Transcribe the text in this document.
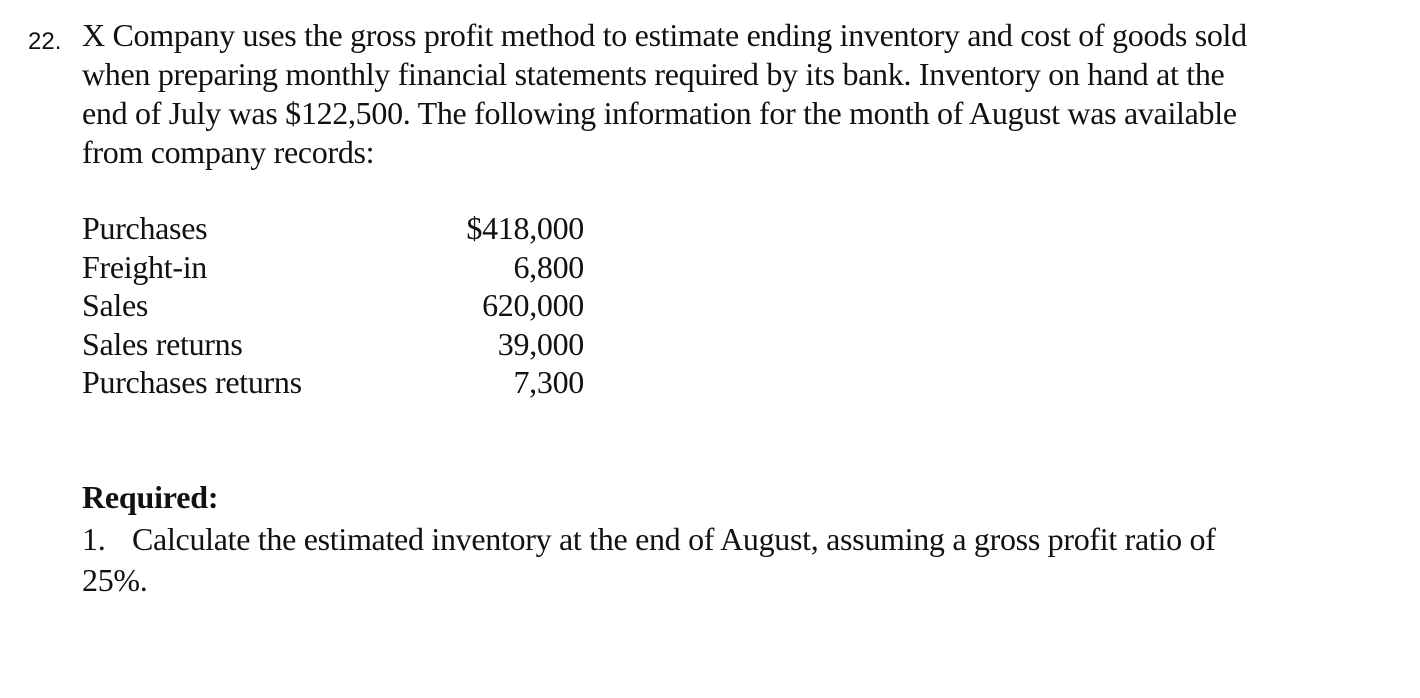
22. X Company uses the gross profit method to estimate ending inventory and cost of goods sold
when preparing monthly financial statements required by its bank. Inventory on hand at the
end of July was $122,500. The following information for the month of August was available
from company records:
Purchases	$418,000
Freight-in	6,800
Sales	620,000
Sales returns	39,000
Purchases returns	7,300
Required:
1. Calculate the estimated inventory at the end of August, assuming a gross profit ratio of
25%.
